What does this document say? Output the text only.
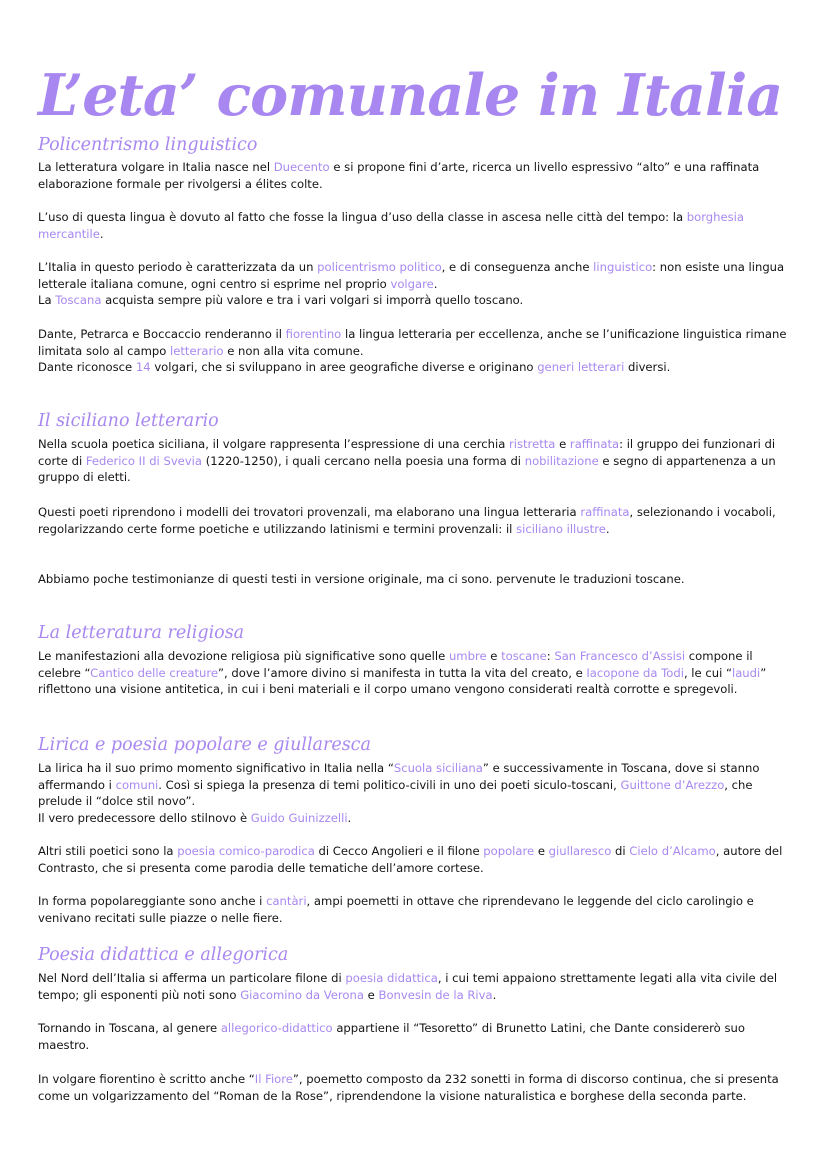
L’eta’ comunale in Italia
Policentrismo linguistico

La letteratura volgare in Italia nasce nel Duecento e si propone fini d’arte, ricerca un livello espressivo “alto” e una raffinata elaborazione formale per rivolgersi a élites colte.

L’uso di questa lingua è dovuto al fatto che fosse la lingua d’uso della classe in ascesa nelle città del tempo: la borghesia mercantile.

L’Italia in questo periodo è caratterizzata da un policentrismo politico, e di conseguenza anche linguistico: non esiste una lingua letterale italiana comune, ogni centro si esprime nel proprio volgare.
La Toscana acquista sempre più valore e tra i vari volgari si imporrà quello toscano.

Dante, Petrarca e Boccaccio renderanno il fiorentino la lingua letteraria per eccellenza, anche se l’unificazione linguistica rimane limitata solo al campo letterario e non alla vita comune.
Dante riconosce 14 volgari, che si sviluppano in aree geografiche diverse e originano generi letterari diversi.

Il siciliano letterario

Nella scuola poetica siciliana, il volgare rappresenta l’espressione di una cerchia ristretta e raffinata: il gruppo dei funzionari di corte di Federico II di Svevia (1220-1250), i quali cercano nella poesia una forma di nobilitazione e segno di appartenenza a un gruppo di eletti.

Questi poeti riprendono i modelli dei trovatori provenzali, ma elaborano una lingua letteraria raffinata, selezionando i vocaboli, regolarizzando certe forme poetiche e utilizzando latinismi e termini provenzali: il siciliano illustre.

Abbiamo poche testimonianze di questi testi in versione originale, ma ci sono. pervenute le traduzioni toscane.

La letteratura religiosa

Le manifestazioni alla devozione religiosa più significative sono quelle umbre e toscane: San Francesco d’Assisi compone il celebre “Cantico delle creature”, dove l’amore divino si manifesta in tutta la vita del creato, e Iacopone da Todi, le cui “laudi” riflettono una visione antitetica, in cui i beni materiali e il corpo umano vengono considerati realtà corrotte e spregevoli.

Lirica e poesia popolare e giullaresca

La lirica ha il suo primo momento significativo in Italia nella “Scuola siciliana” e successivamente in Toscana, dove si stanno affermando i comuni. Così si spiega la presenza di temi politico-civili in uno dei poeti siculo-toscani, Guittone d’Arezzo, che prelude il “dolce stil novo”.
Il vero predecessore dello stilnovo è Guido Guinizzelli.

Altri stili poetici sono la poesia comico-parodica di Cecco Angolieri e il filone popolare e giullaresco di Cielo d’Alcamo, autore del Contrasto, che si presenta come parodia delle tematiche dell’amore cortese.

In forma popolareggiante sono anche i cantàri, ampi poemetti in ottave che riprendevano le leggende del ciclo carolingio e venivano recitati sulle piazze o nelle fiere.

Poesia didattica e allegorica

Nel Nord dell’Italia si afferma un particolare filone di poesia didattica, i cui temi appaiono strettamente legati alla vita civile del tempo; gli esponenti più noti sono Giacomino da Verona e Bonvesin de la Riva.

Tornando in Toscana, al genere allegorico-didattico appartiene il “Tesoretto” di Brunetto Latini, che Dante considererò suo maestro.

In volgare fiorentino è scritto anche “Il Fiore”, poemetto composto da 232 sonetti in forma di discorso continua, che si presenta come un volgarizzamento del “Roman de la Rose”, riprendendone la visione naturalistica e borghese della seconda parte.
